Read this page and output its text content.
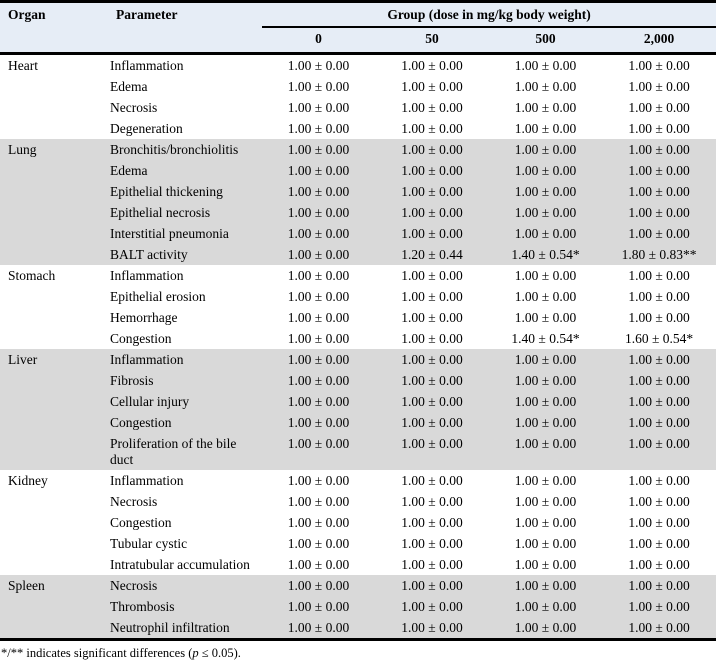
Organ	Parameter	Group (dose in mg/kg body weight)			
		0	50	500	2,000
Heart	Inflammation	1.00 ± 0.00	1.00 ± 0.00	1.00 ± 0.00	1.00 ± 0.00
	Edema	1.00 ± 0.00	1.00 ± 0.00	1.00 ± 0.00	1.00 ± 0.00
	Necrosis	1.00 ± 0.00	1.00 ± 0.00	1.00 ± 0.00	1.00 ± 0.00
	Degeneration	1.00 ± 0.00	1.00 ± 0.00	1.00 ± 0.00	1.00 ± 0.00
Lung	Bronchitis/bronchiolitis	1.00 ± 0.00	1.00 ± 0.00	1.00 ± 0.00	1.00 ± 0.00
	Edema	1.00 ± 0.00	1.00 ± 0.00	1.00 ± 0.00	1.00 ± 0.00
	Epithelial thickening	1.00 ± 0.00	1.00 ± 0.00	1.00 ± 0.00	1.00 ± 0.00
	Epithelial necrosis	1.00 ± 0.00	1.00 ± 0.00	1.00 ± 0.00	1.00 ± 0.00
	Interstitial pneumonia	1.00 ± 0.00	1.00 ± 0.00	1.00 ± 0.00	1.00 ± 0.00
	BALT activity	1.00 ± 0.00	1.20 ± 0.44	1.40 ± 0.54*	1.80 ± 0.83**
Stomach	Inflammation	1.00 ± 0.00	1.00 ± 0.00	1.00 ± 0.00	1.00 ± 0.00
	Epithelial erosion	1.00 ± 0.00	1.00 ± 0.00	1.00 ± 0.00	1.00 ± 0.00
	Hemorrhage	1.00 ± 0.00	1.00 ± 0.00	1.00 ± 0.00	1.00 ± 0.00
	Congestion	1.00 ± 0.00	1.00 ± 0.00	1.40 ± 0.54*	1.60 ± 0.54*
Liver	Inflammation	1.00 ± 0.00	1.00 ± 0.00	1.00 ± 0.00	1.00 ± 0.00
	Fibrosis	1.00 ± 0.00	1.00 ± 0.00	1.00 ± 0.00	1.00 ± 0.00
	Cellular injury	1.00 ± 0.00	1.00 ± 0.00	1.00 ± 0.00	1.00 ± 0.00
	Congestion	1.00 ± 0.00	1.00 ± 0.00	1.00 ± 0.00	1.00 ± 0.00
	Proliferation of the bile duct	1.00 ± 0.00	1.00 ± 0.00	1.00 ± 0.00	1.00 ± 0.00
Kidney	Inflammation	1.00 ± 0.00	1.00 ± 0.00	1.00 ± 0.00	1.00 ± 0.00
	Necrosis	1.00 ± 0.00	1.00 ± 0.00	1.00 ± 0.00	1.00 ± 0.00
	Congestion	1.00 ± 0.00	1.00 ± 0.00	1.00 ± 0.00	1.00 ± 0.00
	Tubular cystic	1.00 ± 0.00	1.00 ± 0.00	1.00 ± 0.00	1.00 ± 0.00
	Intratubular accumulation	1.00 ± 0.00	1.00 ± 0.00	1.00 ± 0.00	1.00 ± 0.00
Spleen	Necrosis	1.00 ± 0.00	1.00 ± 0.00	1.00 ± 0.00	1.00 ± 0.00
	Thrombosis	1.00 ± 0.00	1.00 ± 0.00	1.00 ± 0.00	1.00 ± 0.00
	Neutrophil infiltration	1.00 ± 0.00	1.00 ± 0.00	1.00 ± 0.00	1.00 ± 0.00
*/** indicates significant differences (p ≤ 0.05).
